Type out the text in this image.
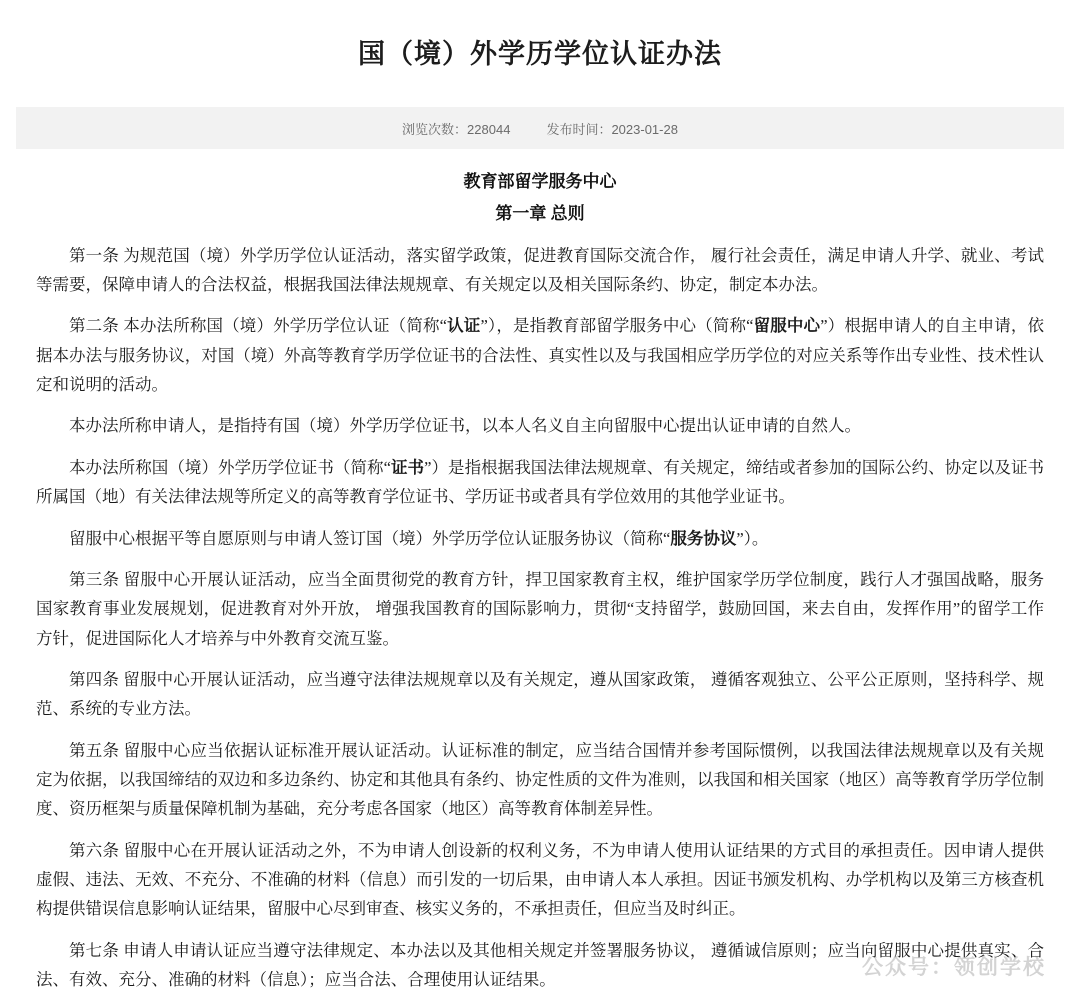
国（境）外学历学位认证办法
浏览次数：228044	发布时间：2023-01-28
教育部留学服务中心
第一章 总则

第一条 为规范国（境）外学历学位认证活动，落实留学政策，促进教育国际交流合作， 履行社会责任，满足申请人升学、就业、考试等需要，保障申请人的合法权益，根据我国法律法规规章、有关规定以及相关国际条约、协定，制定本办法。

第二条 本办法所称国（境）外学历学位认证（简称“认证”），是指教育部留学服务中心（简称“留服中心”）根据申请人的自主申请，依据本办法与服务协议，对国（境）外高等教育学历学位证书的合法性、真实性以及与我国相应学历学位的对应关系等作出专业性、技术性认定和说明的活动。

本办法所称申请人，是指持有国（境）外学历学位证书，以本人名义自主向留服中心提出认证申请的自然人。

本办法所称国（境）外学历学位证书（简称“证书”）是指根据我国法律法规规章、有关规定，缔结或者参加的国际公约、协定以及证书所属国（地）有关法律法规等所定义的高等教育学位证书、学历证书或者具有学位效用的其他学业证书。

留服中心根据平等自愿原则与申请人签订国（境）外学历学位认证服务协议（简称“服务协议”）。

第三条 留服中心开展认证活动，应当全面贯彻党的教育方针，捍卫国家教育主权，维护国家学历学位制度，践行人才强国战略，服务国家教育事业发展规划，促进教育对外开放， 增强我国教育的国际影响力，贯彻“支持留学，鼓励回国，来去自由，发挥作用”的留学工作方针，促进国际化人才培养与中外教育交流互鉴。

第四条 留服中心开展认证活动，应当遵守法律法规规章以及有关规定，遵从国家政策， 遵循客观独立、公平公正原则，坚持科学、规范、系统的专业方法。

第五条 留服中心应当依据认证标准开展认证活动。认证标准的制定，应当结合国情并参考国际惯例，以我国法律法规规章以及有关规定为依据，以我国缔结的双边和多边条约、协定和其他具有条约、协定性质的文件为准则，以我国和相关国家（地区）高等教育学历学位制度、资历框架与质量保障机制为基础，充分考虑各国家（地区）高等教育体制差异性。

第六条 留服中心在开展认证活动之外，不为申请人创设新的权利义务，不为申请人使用认证结果的方式目的承担责任。因申请人提供虚假、违法、无效、不充分、不准确的材料（信息）而引发的一切后果，由申请人本人承担。因证书颁发机构、办学机构以及第三方核查机构提供错误信息影响认证结果，留服中心尽到审查、核实义务的，不承担责任，但应当及时纠正。

第七条 申请人申请认证应当遵守法律规定、本办法以及其他相关规定并签署服务协议， 遵循诚信原则；应当向留服中心提供真实、合法、有效、充分、准确的材料（信息）；应当合法、合理使用认证结果。

公众号：领创学校
